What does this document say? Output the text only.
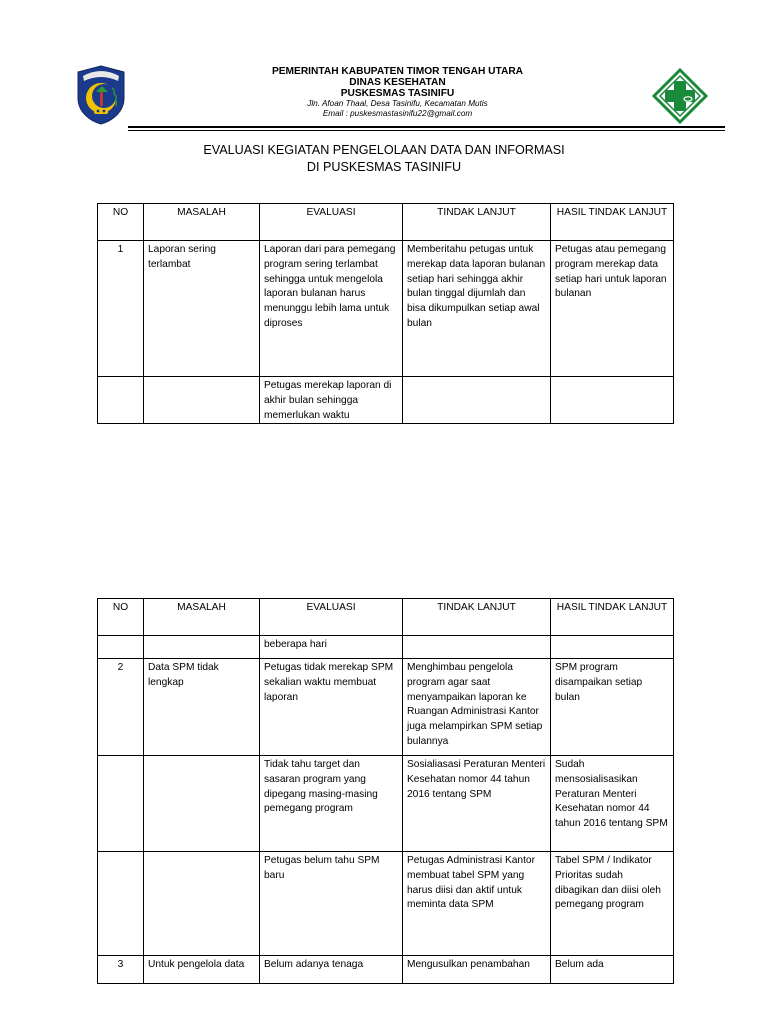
PEMERINTAH KABUPATEN TIMOR TENGAH UTARA
DINAS KESEHATAN
PUSKESMAS TASINIFU
Jln. Afoan Thaal, Desa Tasinifu, Kecamatan Mutis
Email : puskesmastasinifu22@gmail.com
EVALUASI KEGIATAN PENGELOLAAN DATA DAN INFORMASI
DI PUSKESMAS TASINIFU
NO	MASALAH	EVALUASI	TINDAK LANJUT	HASIL TINDAK LANJUT
1	Laporan sering terlambat	Laporan dari para pemegang program sering terlambat sehingga untuk mengelola laporan bulanan harus menunggu lebih lama untuk diproses	Memberitahu petugas untuk merekap data laporan bulanan setiap hari sehingga akhir bulan tinggal dijumlah dan bisa dikumpulkan setiap awal bulan	Petugas atau pemegang program merekap data setiap hari untuk laporan bulanan
		Petugas merekap laporan di akhir bulan sehingga memerlukan waktu		
NO	MASALAH	EVALUASI	TINDAK LANJUT	HASIL TINDAK LANJUT
		beberapa hari		
2	Data SPM tidak lengkap	Petugas tidak merekap SPM sekalian waktu membuat laporan	Menghimbau pengelola program agar saat menyampaikan laporan ke Ruangan Administrasi Kantor juga melampirkan SPM setiap bulannya	SPM program disampaikan setiap bulan
		Tidak tahu target dan sasaran program yang dipegang masing-masing pemegang program	Sosialiasasi Peraturan Menteri Kesehatan nomor 44 tahun 2016 tentang SPM	Sudah mensosialisasikan Peraturan Menteri Kesehatan nomor 44 tahun 2016 tentang SPM
		Petugas belum tahu SPM baru	Petugas Administrasi Kantor membuat tabel SPM yang harus diisi dan aktif untuk meminta data SPM	Tabel SPM / Indikator Prioritas sudah dibagikan dan diisi oleh pemegang program
3	Untuk pengelola data	Belum adanya tenaga	Mengusulkan penambahan	Belum ada
